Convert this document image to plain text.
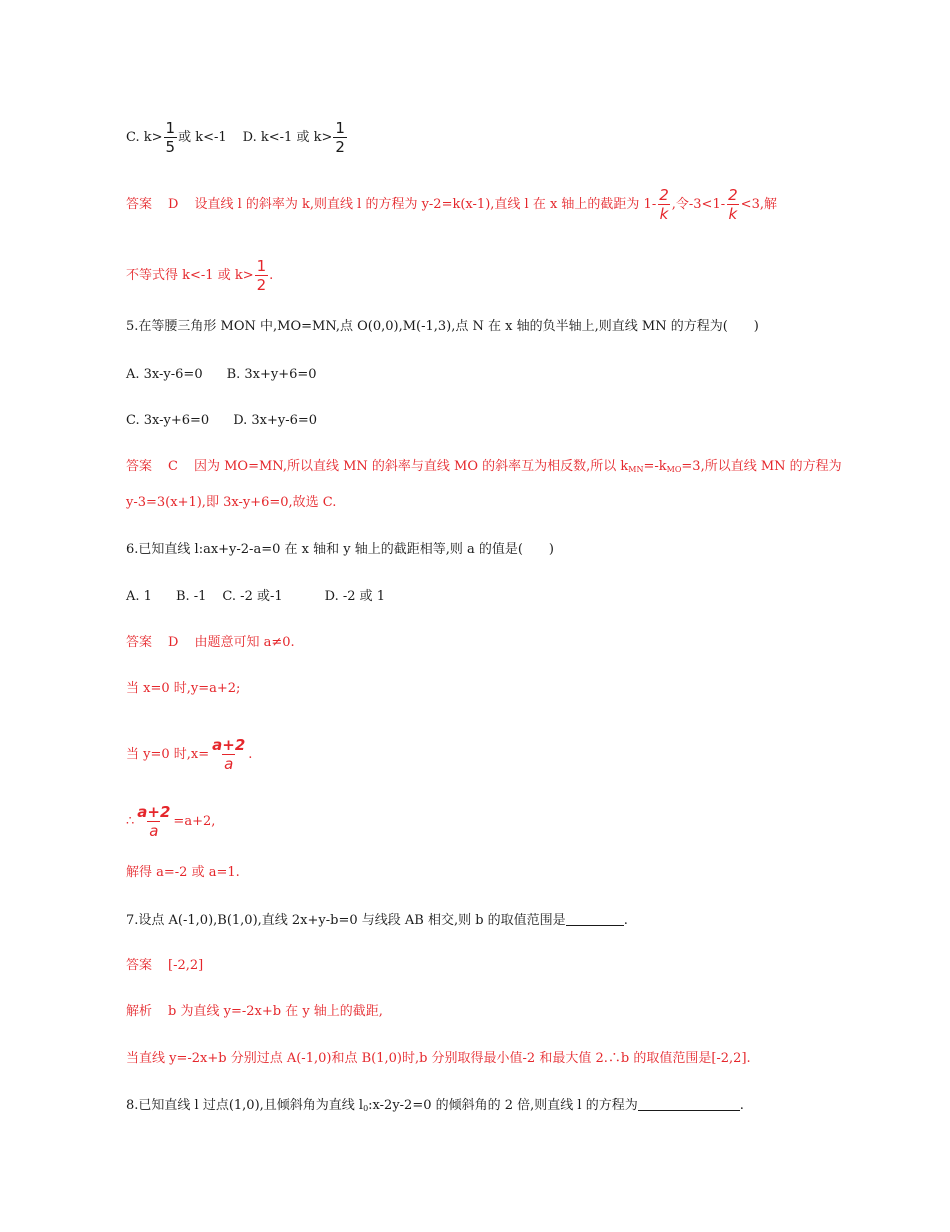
C. $k> \frac{1}{5}$ 或 k<-1 D. k<-1 或 $k> \frac{1}{2}$
答案 D 设直线 l 的斜率为 k,则直线 l 的方程为 y-2=k(x-1),直线 l 在 x 轴上的截距为 $1- \frac{2}{k}$ ,令$-3<1- \frac{2}{k} <3$,解
不等式得 k<-1 或 $k> \frac{1}{2}$ .
5.在等腰三角形 MON 中,MO=MN,点 O(0,0),M(-1,3),点 N 在 x 轴的负半轴上,则直线 MN 的方程为(　　)
A. 3x-y-6=0 B. 3x+y+6=0
C. 3x-y+6=0 D. 3x+y-6=0
答案 C 因为 MO=MN,所以直线 MN 的斜率与直线 MO 的斜率互为相反数,所以 $k_{MN}=-k_{MO}=3$,所以直线 MN 的方程为
y-3=3(x+1),即 3x-y+6=0,故选 C.
6.已知直线 l:ax+y-2-a=0 在 x 轴和 y 轴上的截距相等,则 a 的值是(　　)
A. 1 B. -1 C. -2 或-1	D. -2 或 1
答案 D 由题意可知 a≠0.
当 x=0 时,y=a+2;
当 y=0 时$,x= \frac{a+2}{a}$ .
∴ $\frac{a+2}{a} =a+2$,
解得 a=-2 或 a=1.
7.设点 A(-1,0),B(1,0),直线 2x+y-b=0 与线段 AB 相交,则 b 的取值范围是	.
答案 [-2,2]
解析 b 为直线 y=-2x+b 在 y 轴上的截距,
当直线 y=-2x+b 分别过点 A(-1,0)和点 B(1,0)时,b 分别取得最小值-2 和最大值 2.∴b 的取值范围是[-2,2].
8.已知直线 l 过点(1,0),且倾斜角为直线 $l_0:x-2y-2=0$ 的倾斜角的 2 倍,则直线 l 的方程为	.
